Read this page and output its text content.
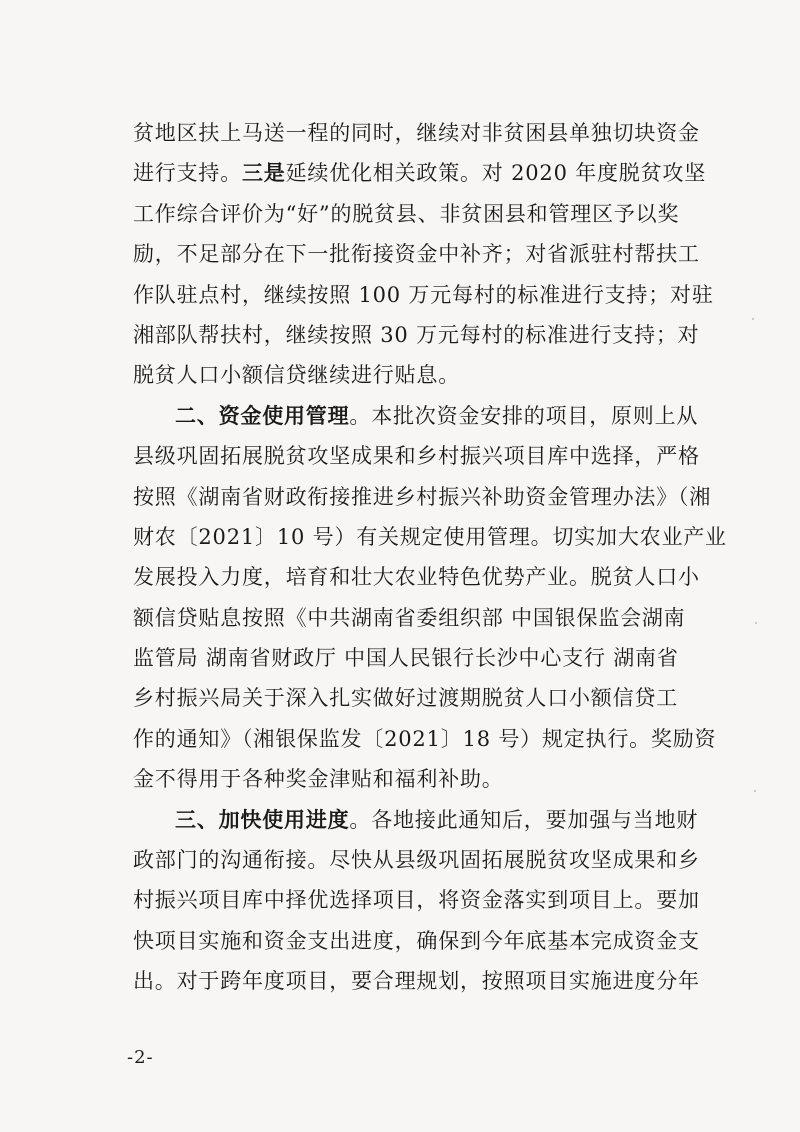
贫地区扶上马送一程的同时，继续对非贫困县单独切块资金
进行支持。三是延续优化相关政策。对 2020 年度脱贫攻坚
工作综合评价为“好”的脱贫县、非贫困县和管理区予以奖
励，不足部分在下一批衔接资金中补齐；对省派驻村帮扶工
作队驻点村，继续按照 100 万元每村的标准进行支持；对驻
湘部队帮扶村，继续按照 30 万元每村的标准进行支持；对
脱贫人口小额信贷继续进行贴息。
二、资金使用管理。本批次资金安排的项目，原则上从
县级巩固拓展脱贫攻坚成果和乡村振兴项目库中选择，严格
按照《湖南省财政衔接推进乡村振兴补助资金管理办法》（湘
财农〔2021〕10 号）有关规定使用管理。切实加大农业产业
发展投入力度，培育和壮大农业特色优势产业。脱贫人口小
额信贷贴息按照《中共湖南省委组织部 中国银保监会湖南
监管局 湖南省财政厅 中国人民银行长沙中心支行 湖南省
乡村振兴局关于深入扎实做好过渡期脱贫人口小额信贷工
作的通知》（湘银保监发〔2021〕18 号）规定执行。奖励资
金不得用于各种奖金津贴和福利补助。
三、加快使用进度。各地接此通知后，要加强与当地财
政部门的沟通衔接。尽快从县级巩固拓展脱贫攻坚成果和乡
村振兴项目库中择优选择项目，将资金落实到项目上。要加
快项目实施和资金支出进度，确保到今年底基本完成资金支
出。对于跨年度项目，要合理规划，按照项目实施进度分年
-2-
